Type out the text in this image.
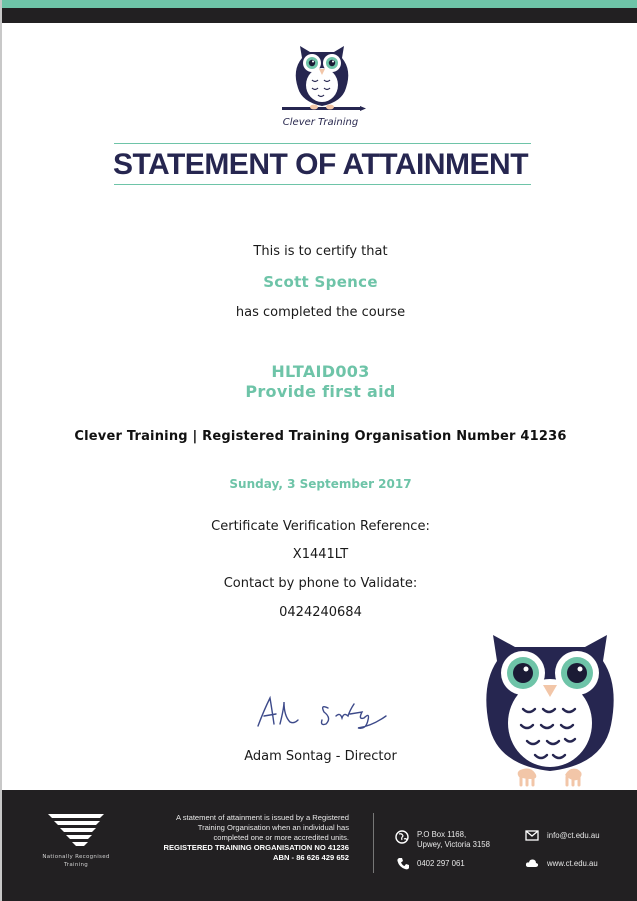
Clever Training
STATEMENT OF ATTAINMENT
This is to certify that
Scott Spence
has completed the course
HLTAID003
Provide first aid
Clever Training | Registered Training Organisation Number 41236
Sunday, 3 September 2017
Certificate Verification Reference:
X1441LT
Contact by phone to Validate:
0424240684
Adam Sontag - Director
Nationally Recognised
Training
A statement of attainment is issued by a Registered
Training Organisation when an individual has
completed one or more accredited units.
REGISTERED TRAINING ORGANISATION NO 41236
ABN - 86 626 429 652
P.O Box 1168,
Upwey, Victoria 3158
0402 297 061
info@ct.edu.au
www.ct.edu.au
